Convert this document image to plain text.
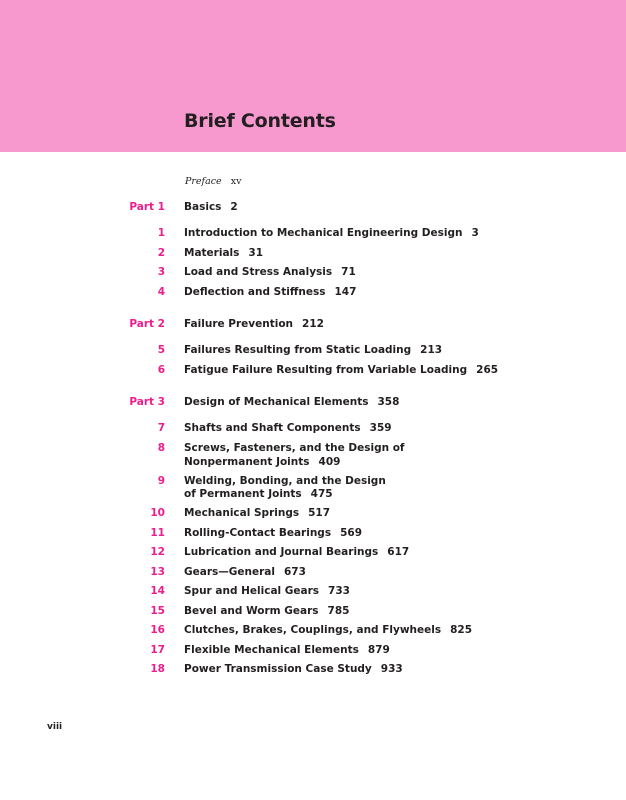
Brief Contents
Preface xv
Part 1 Basics 2
1 Introduction to Mechanical Engineering Design 3
2 Materials 31
3 Load and Stress Analysis 71
4 Deflection and Stiffness 147
Part 2 Failure Prevention 212
5 Failures Resulting from Static Loading 213
6 Fatigue Failure Resulting from Variable Loading 265
Part 3 Design of Mechanical Elements 358
7 Shafts and Shaft Components 359
8 Screws, Fasteners, and the Design of
Nonpermanent Joints 409
9 Welding, Bonding, and the Design
of Permanent Joints 475
10 Mechanical Springs 517
11 Rolling-Contact Bearings 569
12 Lubrication and Journal Bearings 617
13 Gears—General 673
14 Spur and Helical Gears 733
15 Bevel and Worm Gears 785
16 Clutches, Brakes, Couplings, and Flywheels 825
17 Flexible Mechanical Elements 879
18 Power Transmission Case Study 933
viii
